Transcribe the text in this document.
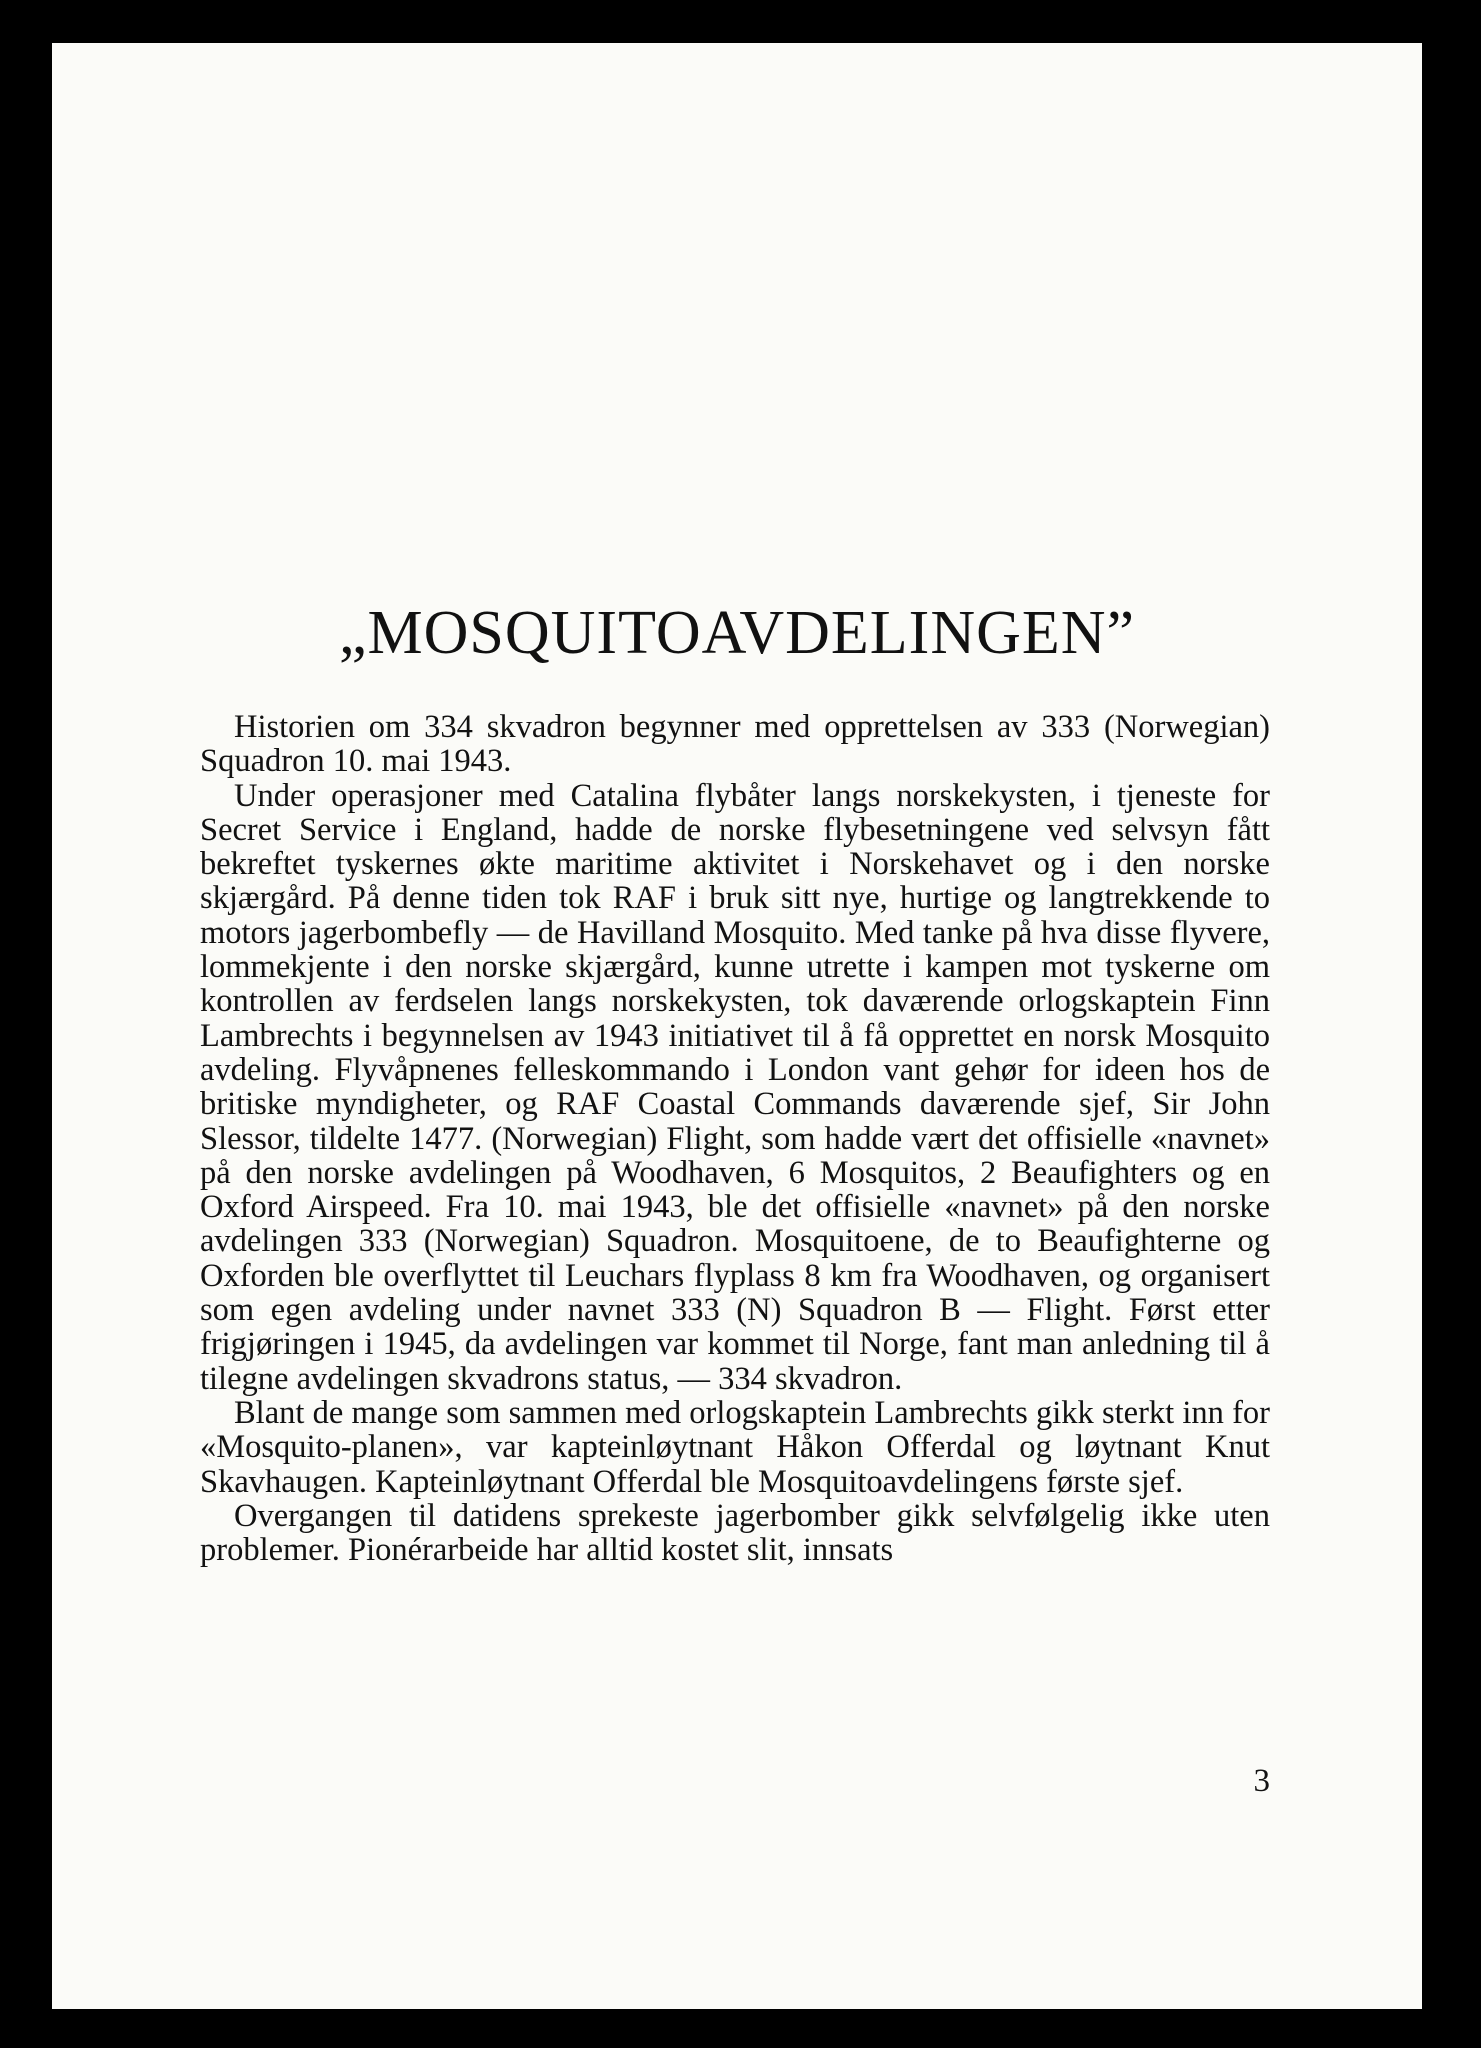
„MOSQUITOAVDELINGEN”

Historien om 334 skvadron begynner med opprettelsen av 333 (Norwegian) Squadron 10. mai 1943.

Under operasjoner med Catalina flybåter langs norskekysten, i tjeneste for Secret Service i England, hadde de norske flybesetningene ved selvsyn fått bekreftet tyskernes økte maritime aktivitet i Norskehavet og i den norske skjærgård. På denne tiden tok RAF i bruk sitt nye, hurtige og langtrekkende to motors jagerbombefly — de Havilland Mosquito. Med tanke på hva disse flyvere, lommekjente i den norske skjærgård, kunne utrette i kampen mot tyskerne om kontrollen av ferdselen langs norskekysten, tok daværende orlogskaptein Finn Lambrechts i begynnelsen av 1943 initiativet til å få opprettet en norsk Mosquito avdeling. Flyvåpnenes felleskommando i London vant gehør for ideen hos de britiske myndigheter, og RAF Coastal Commands daværende sjef, Sir John Slessor, tildelte 1477. (Norwegian) Flight, som hadde vært det offisielle «navnet» på den norske avdelingen på Woodhaven, 6 Mosquitos, 2 Beaufighters og en Oxford Airspeed. Fra 10. mai 1943, ble det offisielle «navnet» på den norske avdelingen 333 (Norwegian) Squadron. Mosquitoene, de to Beaufighterne og Oxforden ble overflyttet til Leuchars flyplass 8 km fra Woodhaven, og organisert som egen avdeling under navnet 333 (N) Squadron B — Flight. Først etter frigjøringen i 1945, da avdelingen var kommet til Norge, fant man anledning til å tilegne avdelingen skvadrons status, — 334 skvadron.

Blant de mange som sammen med orlogskaptein Lambrechts gikk sterkt inn for «Mosquito-planen», var kapteinløytnant Håkon Offerdal og løytnant Knut Skavhaugen. Kapteinløytnant Offerdal ble Mosquitoavdelingens første sjef.

Overgangen til datidens sprekeste jagerbomber gikk selvfølgelig ikke uten problemer. Pionérarbeide har alltid kostet slit, innsats

3
